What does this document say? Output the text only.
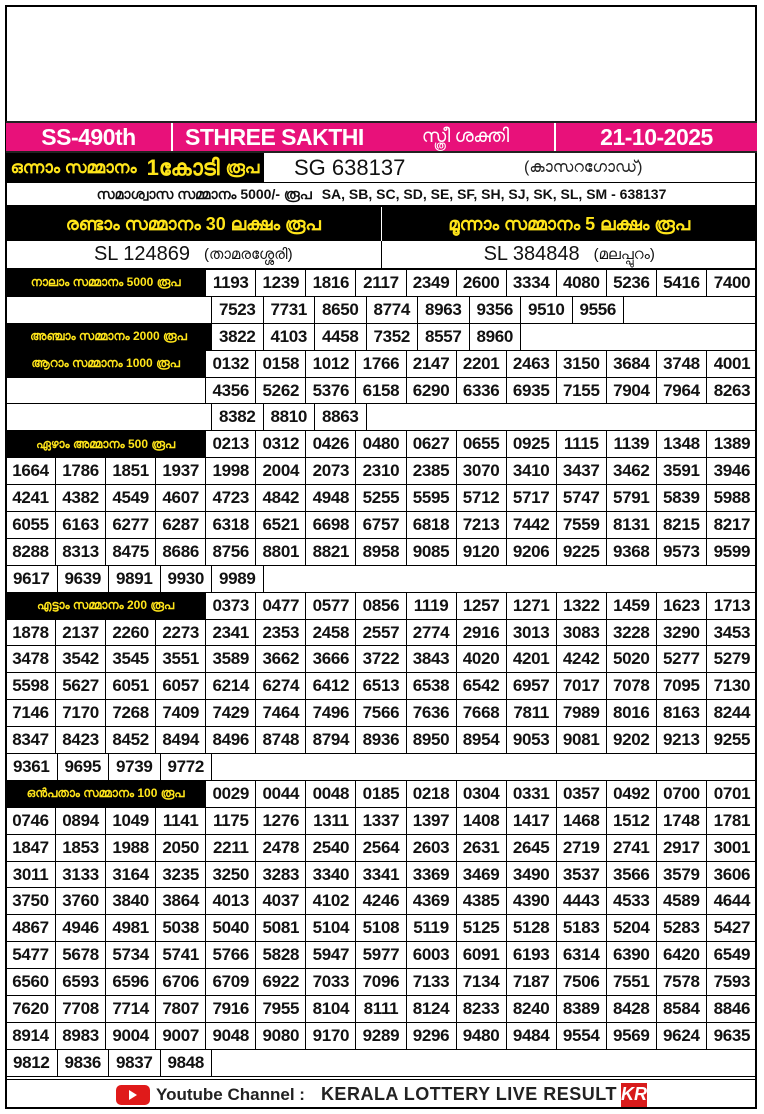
SS-490th	STHREE SAKTHI	സ്ത്രീ ശക്തി	21-10-2025
ഒന്നാം സമ്മാനം 1കോടി രൂപ	SG 638137	(കാസറഗോഡ്)
സമാശ്വാസ സമ്മാനം 5000/- രൂപ SA, SB, SC, SD, SE, SF, SH, SJ, SK, SL, SM - 638137
രണ്ടാം സമ്മാനം 30 ലക്ഷം രൂപ	മൂന്നാം സമ്മാനം 5 ലക്ഷം രൂപ
SL 124869 (താമരശ്ശേരി)	SL 384848 (മലപ്പുറം)
നാലാം സമ്മാനം 5000 രൂപ	1193 1239 1816 2117 2349 2600 3334 4080 5236 5416 7400
7523 7731 8650 8774 8963 9356 9510 9556
അഞ്ചാം സമ്മാനം 2000 രൂപ	3822 4103 4458 7352 8557 8960
ആറാം സമ്മാനം 1000 രൂപ	0132 0158 1012 1766 2147 2201 2463 3150 3684 3748 4001
4356 5262 5376 6158 6290 6336 6935 7155 7904 7964 8263
8382 8810 8863
ഏഴാം അമ്മാനം 500 രൂപ	0213 0312 0426 0480 0627 0655 0925 1115 1139 1348 1389
1664 1786 1851 1937 1998 2004 2073 2310 2385 3070 3410 3437 3462 3591 3946
4241 4382 4549 4607 4723 4842 4948 5255 5595 5712 5717 5747 5791 5839 5988
6055 6163 6277 6287 6318 6521 6698 6757 6818 7213 7442 7559 8131 8215 8217
8288 8313 8475 8686 8756 8801 8821 8958 9085 9120 9206 9225 9368 9573 9599
9617 9639 9891 9930 9989
എട്ടാം സമ്മാനം 200 രൂപ	0373 0477 0577 0856 1119 1257 1271 1322 1459 1623 1713
1878 2137 2260 2273 2341 2353 2458 2557 2774 2916 3013 3083 3228 3290 3453
3478 3542 3545 3551 3589 3662 3666 3722 3843 4020 4201 4242 5020 5277 5279
5598 5627 6051 6057 6214 6274 6412 6513 6538 6542 6957 7017 7078 7095 7130
7146 7170 7268 7409 7429 7464 7496 7566 7636 7668 7811 7989 8016 8163 8244
8347 8423 8452 8494 8496 8748 8794 8936 8950 8954 9053 9081 9202 9213 9255
9361 9695 9739 9772
ഒൻപതാം സമ്മാനം 100 രൂപ	0029 0044 0048 0185 0218 0304 0331 0357 0492 0700 0701
0746 0894 1049 1141 1175 1276 1311 1337 1397 1408 1417 1468 1512 1748 1781
1847 1853 1988 2050 2211 2478 2540 2564 2603 2631 2645 2719 2741 2917 3001
3011 3133 3164 3235 3250 3283 3340 3341 3369 3469 3490 3537 3566 3579 3606
3750 3760 3840 3864 4013 4037 4102 4246 4369 4385 4390 4443 4533 4589 4644
4867 4946 4981 5038 5040 5081 5104 5108 5119 5125 5128 5183 5204 5283 5427
5477 5678 5734 5741 5766 5828 5947 5977 6003 6091 6193 6314 6390 6420 6549
6560 6593 6596 6706 6709 6922 7033 7096 7133 7134 7187 7506 7551 7578 7593
7620 7708 7714 7807 7916 7955 8104 8111 8124 8233 8240 8389 8428 8584 8846
8914 8983 9004 9007 9048 9080 9170 9289 9296 9480 9484 9554 9569 9624 9635
9812 9836 9837 9848
Youtube Channel : KERALA LOTTERY LIVE RESULT KR
